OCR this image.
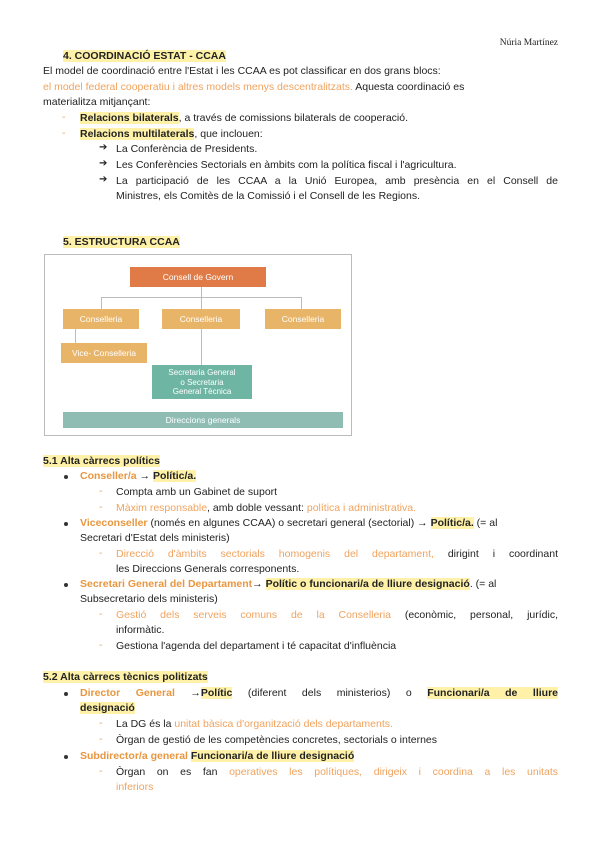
Núria Martínez
4. COORDINACIÓ ESTAT - CCAA
El model de coordinació entre l'Estat i les CCAA es pot classificar en dos grans blocs:
el model federal cooperatiu i altres models menys descentralitzats. Aquesta coordinació es
materialitza mitjançant:
- Relacions bilaterals, a través de comissions bilaterals de cooperació.
- Relacions multilaterals, que inclouen:
➔ La Conferència de Presidents.
➔ Les Conferències Sectorials en àmbits com la política fiscal i l'agricultura.
➔ La participació de les CCAA a la Unió Europea, amb presència en el Consell de
Ministres, els Comitès de la Comissió i el Consell de les Regions.
5. ESTRUCTURA CCAA
Consell de Govern
Conselleria	Conselleria	Conselleria
Vice- Conselleria
Secretaria General
o Secretaria
General Tècnica
Direccions generals
5.1 Alta càrrecs polítics
Conseller/a → Polític/a.
- Compta amb un Gabinet de suport
- Màxim responsable, amb doble vessant: política i administrativa.
Viceconseller (només en algunes CCAA) o secretari general (sectorial) → Polític/a. (= al
Secretari d'Estat dels ministeris)
- Direcció d'àmbits sectorials homogenis del departament, dirigint i coordinant
les Direccions Generals corresponents.
Secretari General del Departament→ Polític o funcionari/a de lliure designació. (= al
Subsecretario dels ministeris)
- Gestió dels serveis comuns de la Conselleria (econòmic, personal, jurídic,
informàtic.
- Gestiona l'agenda del departament i té capacitat d'influència
5.2 Alta càrrecs tècnics politizats
Director General →Polític (diferent dels ministerios) o Funcionari/a de lliure
designació
- La DG és la unitat bàsica d'organització dels departaments.
- Òrgan de gestió de les competències concretes, sectorials o internes
Subdirector/a general Funcionari/a de lliure designació
- Òrgan on es fan operatives les polítiques, dirigeix i coordina a les unitats
inferiors
